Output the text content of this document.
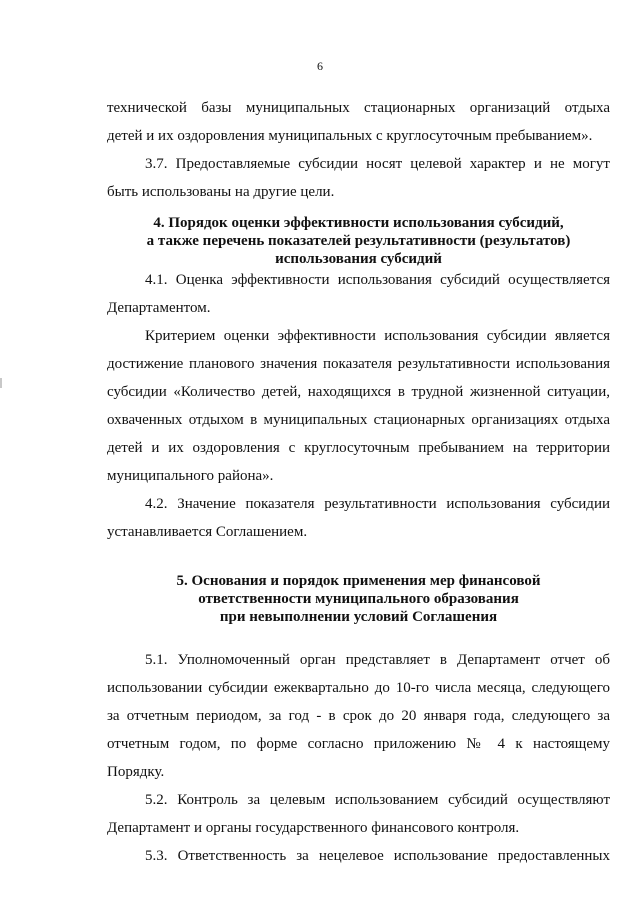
6
технической базы муниципальных стационарных организаций отдыха
детей и их оздоровления муниципальных с круглосуточным пребыванием».
3.7. Предоставляемые субсидии носят целевой характер и не могут
быть использованы на другие цели.
4. Порядок оценки эффективности использования субсидий,
а также перечень показателей результативности (результатов)
использования субсидий
4.1. Оценка эффективности использования субсидий осуществляется
Департаментом.
Критерием оценки эффективности использования субсидии является
достижение планового значения показателя результативности использования
субсидии «Количество детей, находящихся в трудной жизненной ситуации,
охваченных отдыхом в муниципальных стационарных организациях отдыха
детей и их оздоровления с круглосуточным пребыванием на территории
муниципального района».
4.2. Значение показателя результативности использования субсидии
устанавливается Соглашением.
5. Основания и порядок применения мер финансовой
ответственности муниципального образования
при невыполнении условий Соглашения
5.1. Уполномоченный орган представляет в Департамент отчет об
использовании субсидии ежеквартально до 10-го числа месяца, следующего
за отчетным периодом, за год - в срок до 20 января года, следующего за
отчетным годом, по форме согласно приложению № 4 к настоящему
Порядку.
5.2. Контроль за целевым использованием субсидий осуществляют
Департамент и органы государственного финансового контроля.
5.3. Ответственность за нецелевое использование предоставленных
